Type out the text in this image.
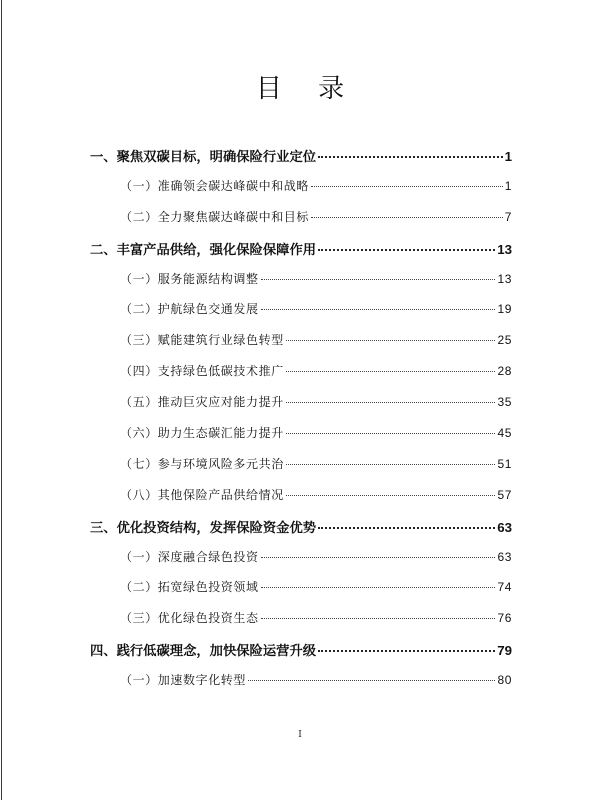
目 录
一、聚焦双碳目标，明确保险行业定位	1
（一）准确领会碳达峰碳中和战略	1
（二）全力聚焦碳达峰碳中和目标	7
二、丰富产品供给，强化保险保障作用	13
（一）服务能源结构调整	13
（二）护航绿色交通发展	19
（三）赋能建筑行业绿色转型	25
（四）支持绿色低碳技术推广	28
（五）推动巨灾应对能力提升	35
（六）助力生态碳汇能力提升	45
（七）参与环境风险多元共治	51
（八）其他保险产品供给情况	57
三、优化投资结构，发挥保险资金优势	63
（一）深度融合绿色投资	63
（二）拓宽绿色投资领域	74
（三）优化绿色投资生态	76
四、践行低碳理念，加快保险运营升级	79
（一）加速数字化转型	80
I
